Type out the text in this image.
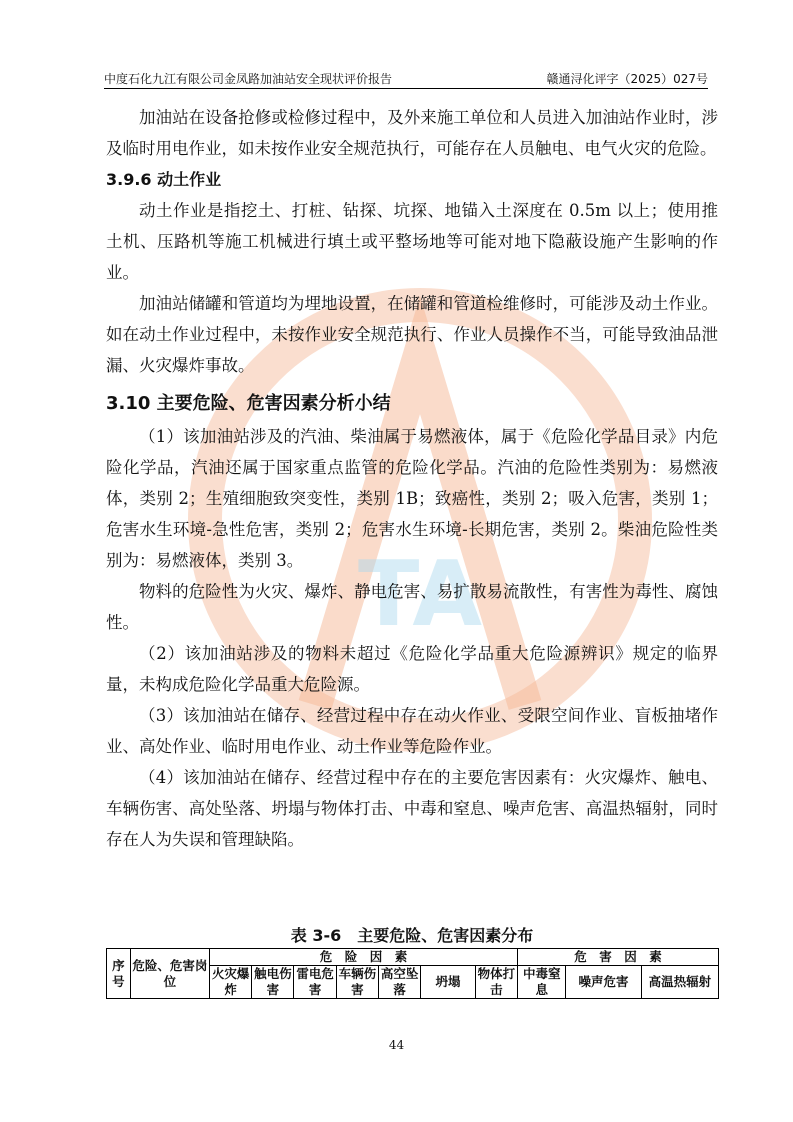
中度石化九江有限公司金凤路加油站安全现状评价报告	赣通浔化评字（2025）027号
TA

加油站在设备抢修或检修过程中，及外来施工单位和人员进入加油站作业时，涉及临时用电作业，如未按作业安全规范执行，可能存在人员触电、电气火灾的危险。

3.9.6 动土作业

动土作业是指挖土、打桩、钻探、坑探、地锚入土深度在 0.5m 以上；使用推土机、压路机等施工机械进行填土或平整场地等可能对地下隐蔽设施产生影响的作业。

加油站储罐和管道均为埋地设置，在储罐和管道检维修时，可能涉及动土作业。如在动土作业过程中，未按作业安全规范执行、作业人员操作不当，可能导致油品泄漏、火灾爆炸事故。

3.10 主要危险、危害因素分析小结

（1）该加油站涉及的汽油、柴油属于易燃液体，属于《危险化学品目录》内危险化学品，汽油还属于国家重点监管的危险化学品。汽油的危险性类别为：易燃液体，类别 2；生殖细胞致突变性，类别 1B；致癌性，类别 2；吸入危害，类别 1；危害水生环境-急性危害，类别 2；危害水生环境-长期危害，类别 2。柴油危险性类别为：易燃液体，类别 3。

物料的危险性为火灾、爆炸、静电危害、易扩散易流散性，有害性为毒性、腐蚀性。

（2）该加油站涉及的物料未超过《危险化学品重大危险源辨识》规定的临界量，未构成危险化学品重大危险源。

（3）该加油站在储存、经营过程中存在动火作业、受限空间作业、盲板抽堵作业、高处作业、临时用电作业、动土作业等危险作业。

（4）该加油站在储存、经营过程中存在的主要危害因素有：火灾爆炸、触电、车辆伤害、高处坠落、坍塌与物体打击、中毒和窒息、噪声危害、高温热辐射，同时存在人为失误和管理缺陷。

表 3-6　主要危险、危害因素分布
序号	危险、危害岗位	危　险　因　素							危　害　因　素		
		火灾爆炸	触电伤害	雷电危害	车辆伤害	高空坠落	坍塌	物体打击	中毒窒息	噪声危害	高温热辐射
44
